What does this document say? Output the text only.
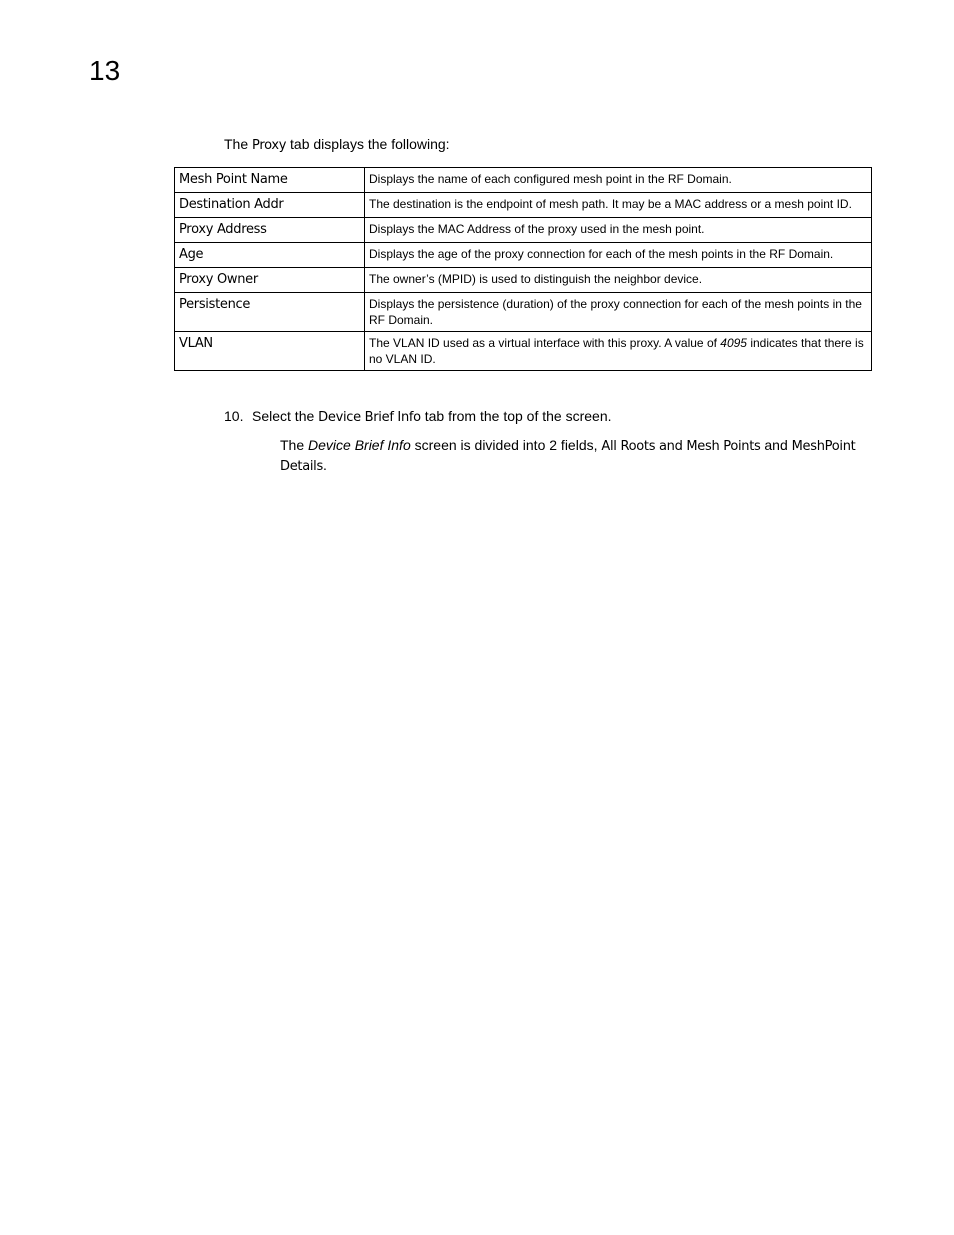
13
The Proxy tab displays the following:
Mesh Point Name	Displays the name of each configured mesh point in the RF Domain.
Destination Addr	The destination is the endpoint of mesh path. It may be a MAC address or a mesh point ID.
Proxy Address	Displays the MAC Address of the proxy used in the mesh point.
Age	Displays the age of the proxy connection for each of the mesh points in the RF Domain.
Proxy Owner	The owner’s (MPID) is used to distinguish the neighbor device.
Persistence	Displays the persistence (duration) of the proxy connection for each of the mesh points in the RF Domain.
VLAN	The VLAN ID used as a virtual interface with this proxy. A value of 4095 indicates that there is no VLAN ID.
10. Select the Device Brief Info tab from the top of the screen.
The Device Brief Info screen is divided into 2 fields, All Roots and Mesh Points and MeshPoint Details.
